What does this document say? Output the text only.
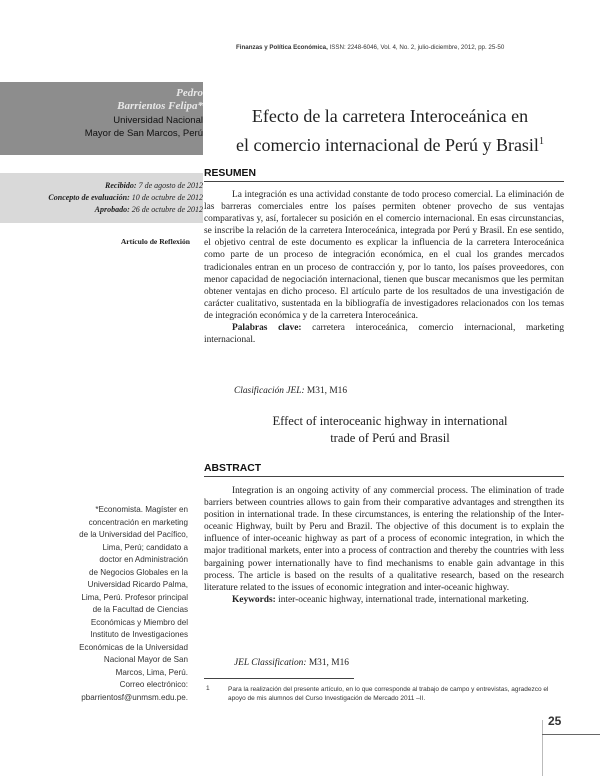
Finanzas y Política Económica, ISSN: 2248-6046, Vol. 4, No. 2, julio-diciembre, 2012, pp. 25-50
Pedro
Barrientos Felipa*
Universidad Nacional
Mayor de San Marcos, Perú
Efecto de la carretera Interoceánica en
el comercio internacional de Perú y Brasil$^1$
Recibido: 7 de agosto de 2012
Concepto de evaluación: 10 de octubre de 2012
Aprobado: 26 de octubre de 2012
Artículo de Reflexión
RESUMEN

La integración es una actividad constante de todo proceso comercial. La eliminación de las barreras comerciales entre los países permiten obtener provecho de sus ventajas comparativas y, así, fortalecer su posición en el comercio internacional. En esas circunstancias, se inscribe la relación de la carretera Interoceánica, integrada por Perú y Brasil. En ese sentido, el objetivo central de este documento es explicar la influencia de la carretera Interoceánica como parte de un proceso de integración económica, en el cual los grandes mercados tradicionales entran en un proceso de contracción y, por lo tanto, los países proveedores, con menor capacidad de negociación internacional, tienen que buscar mecanismos que les permitan obtener ventajas en dicho proceso. El artículo parte de los resultados de una investigación de carácter cualitativo, sustentada en la bibliografía de investigadores relacionados con los temas de integración económica y de la carretera Interoceánica.

Palabras clave: carretera interoceánica, comercio internacional, marketing internacional.

Clasificación JEL: M31, M16
Effect of interoceanic highway in international
trade of Perú and Brasil
ABSTRACT

Integration is an ongoing activity of any commercial process. The elimination of trade barriers between countries allows to gain from their comparative advantages and strengthen its position in international trade. In these circumstances, is entering the relationship of the Inter-oceanic Highway, built by Peru and Brazil. The objective of this document is to explain the influence of inter-oceanic highway as part of a process of economic integration, in which the major traditional markets, enter into a process of contraction and thereby the countries with less bargaining power internationally have to find mechanisms to enable gain advantage in this process. The article is based on the results of a qualitative research, based on the research literature related to the issues of economic integration and inter-oceanic highway.

Keywords: inter-oceanic highway, international trade, international marketing.

JEL Classification: M31, M16
*Economista. Magíster en
concentración en marketing
de la Universidad del Pacífico,
Lima, Perú; candidato a
doctor en Administración
de Negocios Globales en la
Universidad Ricardo Palma,
Lima, Perú. Profesor principal
de la Facultad de Ciencias
Económicas y Miembro del
Instituto de Investigaciones
Económicas de la Universidad
Nacional Mayor de San
Marcos, Lima, Perú.
Correo electrónico:
pbarrientosf@unmsm.edu.pe.
1	Para la realización del presente artículo, en lo que corresponde al trabajo de campo y entrevistas, agradezco el apoyo de mis alumnos del Curso Investigación de Mercado 2011 –II.
25
